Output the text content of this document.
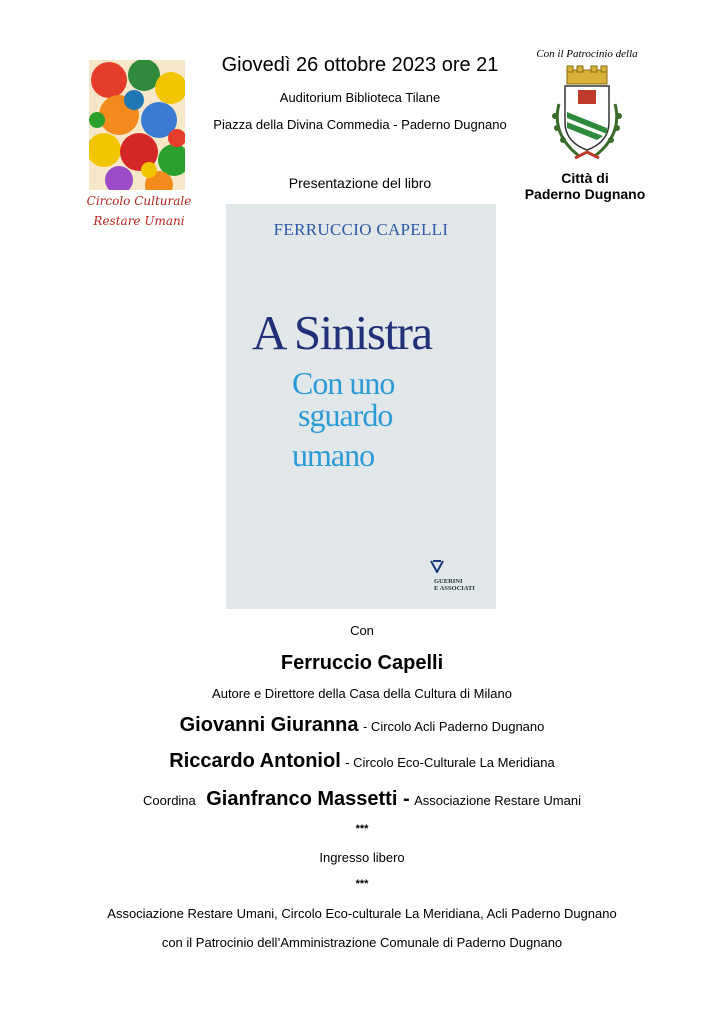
Circolo Culturale
Restare Umani
Giovedì 26 ottobre 2023 ore 21
Auditorium Biblioteca Tilane
Piazza della Divina Commedia - Paderno Dugnano
Presentazione del libro
Con il Patrocinio della
Città di
Paderno Dugnano
FERRUCCIO CAPELLI
A Sinistra
Con uno
sguardo
umano
GUERINI
E ASSOCIATI
Con
Ferruccio Capelli
Autore e Direttore della Casa della Cultura di Milano
Giovanni Giuranna - Circolo Acli Paderno Dugnano
Riccardo Antoniol - Circolo Eco-Culturale La Meridiana
Coordina Gianfranco Massetti - Associazione Restare Umani
***
Ingresso libero
***
Associazione Restare Umani, Circolo Eco-culturale La Meridiana, Acli Paderno Dugnano
con il Patrocinio dell’Amministrazione Comunale di Paderno Dugnano
